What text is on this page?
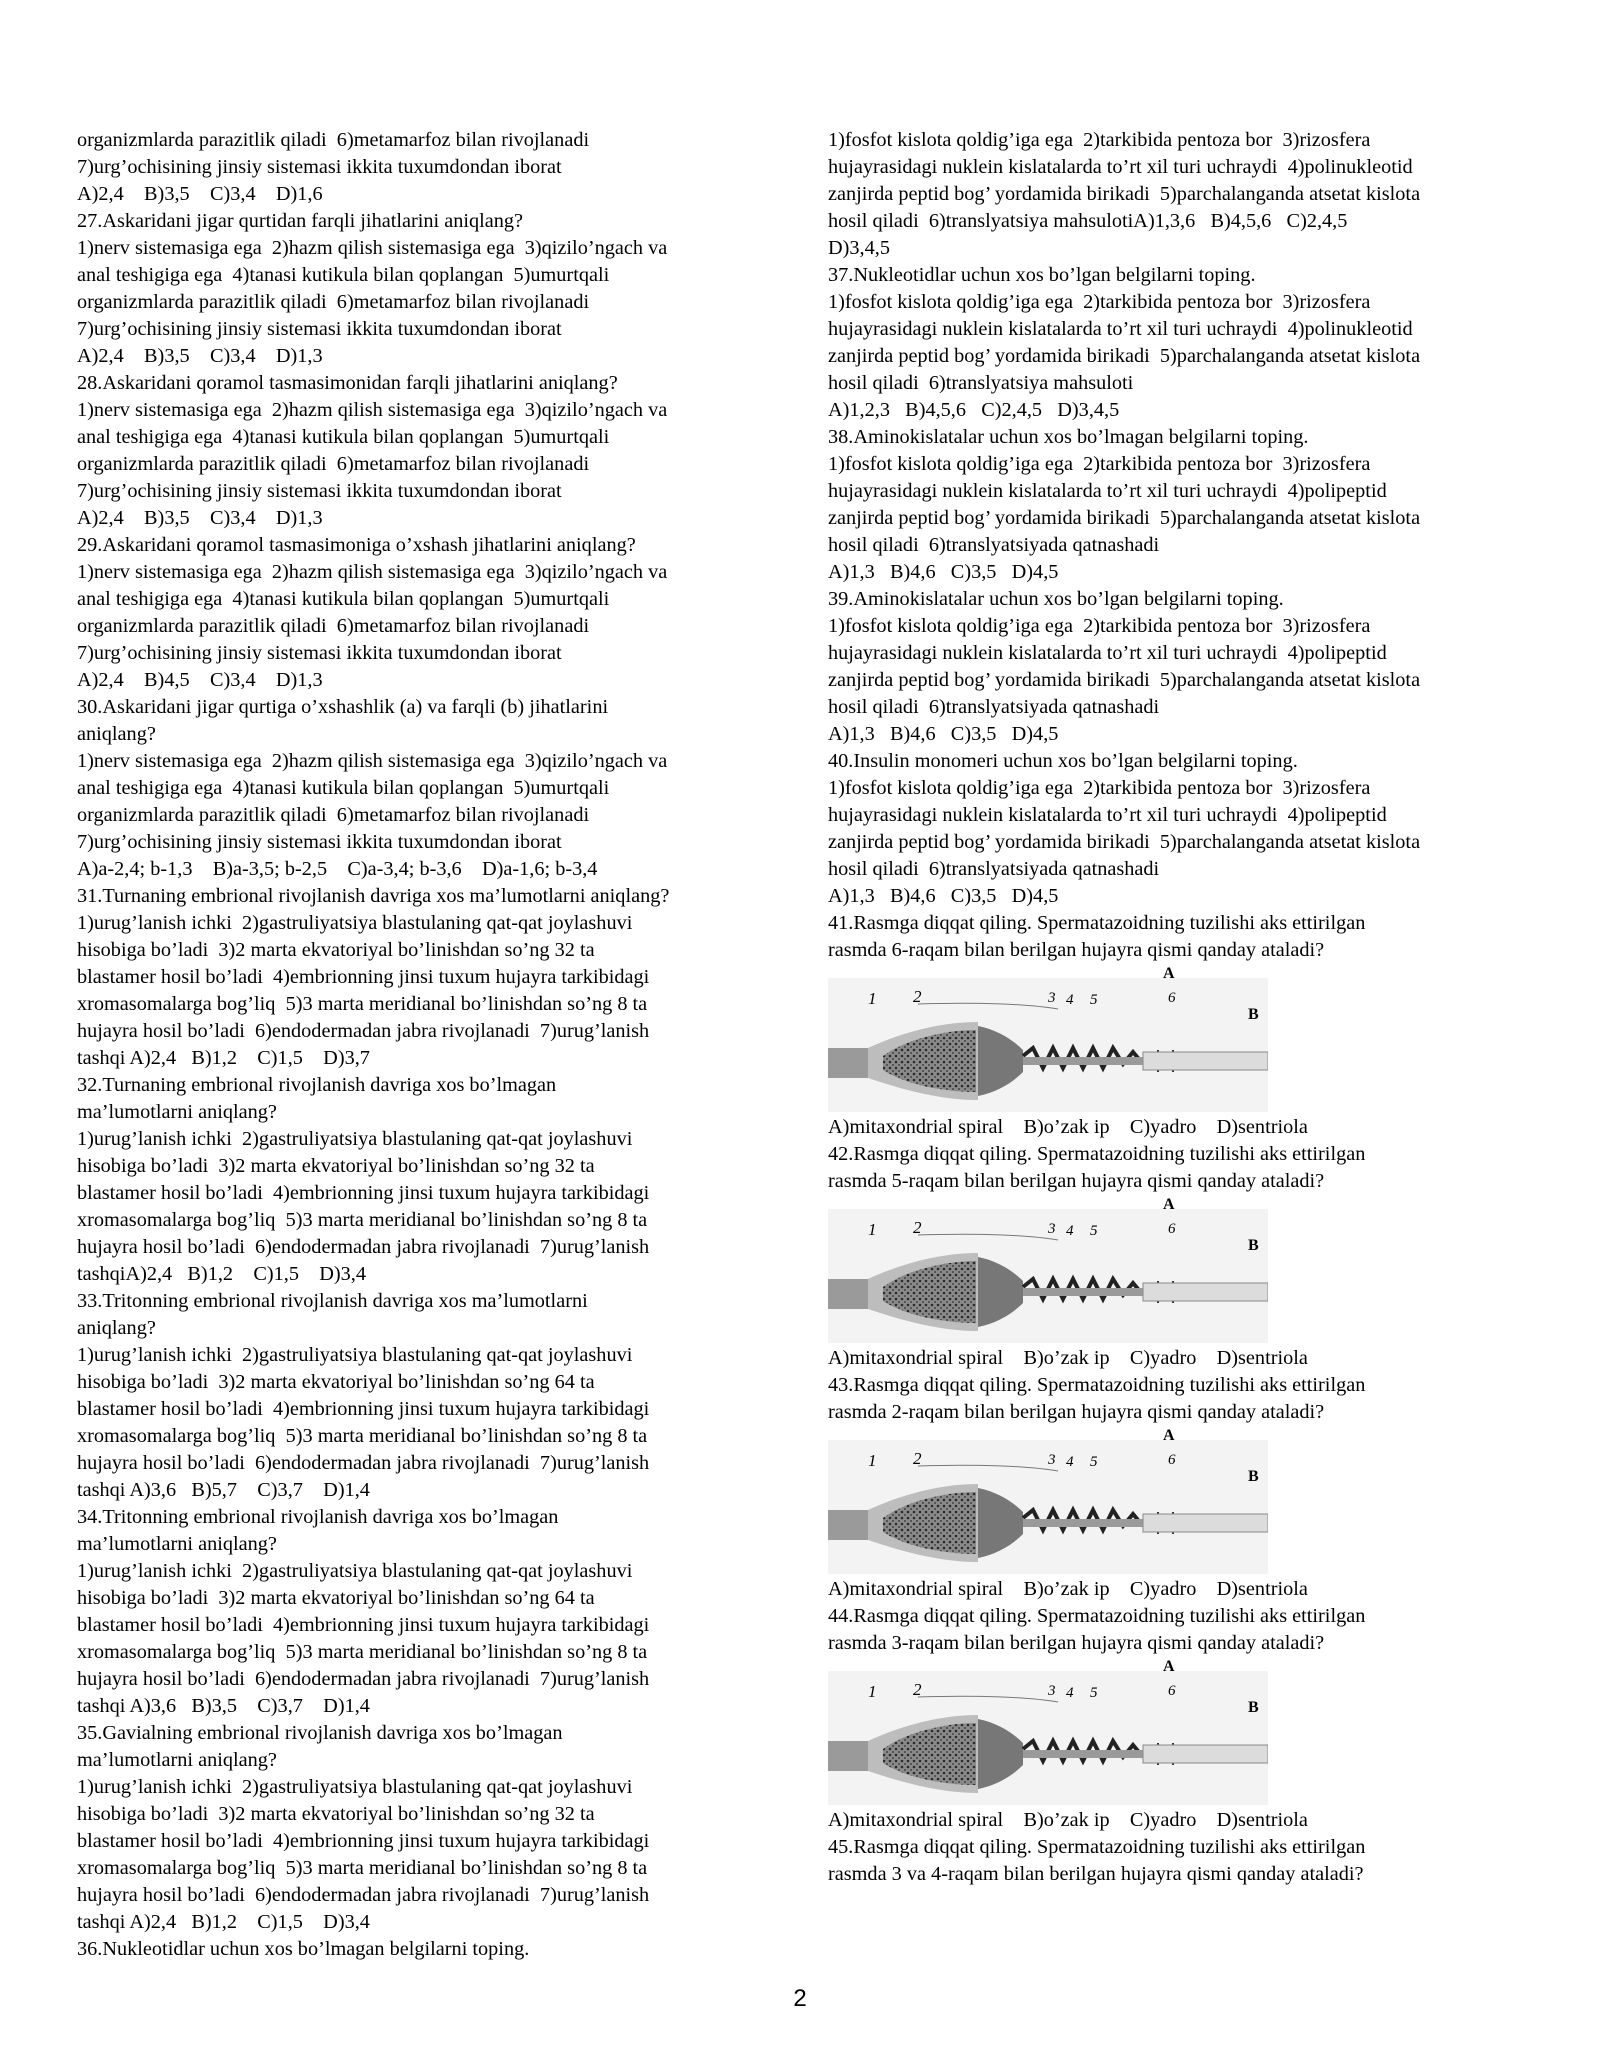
organizmlarda parazitlik qiladi  6)metamarfoz bilan rivojlanadi
7)urg’ochisining jinsiy sistemasi ikkita tuxumdondan iborat
A)2,4    B)3,5    C)3,4    D)1,6
27.Askaridani jigar qurtidan farqli jihatlarini aniqlang?
1)nerv sistemasiga ega  2)hazm qilish sistemasiga ega  3)qizilo’ngach va
anal teshigiga ega  4)tanasi kutikula bilan qoplangan  5)umurtqali
organizmlarda parazitlik qiladi  6)metamarfoz bilan rivojlanadi
7)urg’ochisining jinsiy sistemasi ikkita tuxumdondan iborat
A)2,4    B)3,5    C)3,4    D)1,3
28.Askaridani qoramol tasmasimonidan farqli jihatlarini aniqlang?
1)nerv sistemasiga ega  2)hazm qilish sistemasiga ega  3)qizilo’ngach va
anal teshigiga ega  4)tanasi kutikula bilan qoplangan  5)umurtqali
organizmlarda parazitlik qiladi  6)metamarfoz bilan rivojlanadi
7)urg’ochisining jinsiy sistemasi ikkita tuxumdondan iborat
A)2,4    B)3,5    C)3,4    D)1,3
29.Askaridani qoramol tasmasimoniga o’xshash jihatlarini aniqlang?
1)nerv sistemasiga ega  2)hazm qilish sistemasiga ega  3)qizilo’ngach va
anal teshigiga ega  4)tanasi kutikula bilan qoplangan  5)umurtqali
organizmlarda parazitlik qiladi  6)metamarfoz bilan rivojlanadi
7)urg’ochisining jinsiy sistemasi ikkita tuxumdondan iborat
A)2,4    B)4,5    C)3,4    D)1,3
30.Askaridani jigar qurtiga o’xshashlik (a) va farqli (b) jihatlarini
aniqlang?
1)nerv sistemasiga ega  2)hazm qilish sistemasiga ega  3)qizilo’ngach va
anal teshigiga ega  4)tanasi kutikula bilan qoplangan  5)umurtqali
organizmlarda parazitlik qiladi  6)metamarfoz bilan rivojlanadi
7)urg’ochisining jinsiy sistemasi ikkita tuxumdondan iborat
A)a-2,4; b-1,3    B)a-3,5; b-2,5    C)a-3,4; b-3,6    D)a-1,6; b-3,4
31.Turnaning embrional rivojlanish davriga xos ma’lumotlarni aniqlang?
1)urug’lanish ichki  2)gastruliyatsiya blastulaning qat-qat joylashuvi
hisobiga bo’ladi  3)2 marta ekvatoriyal bo’linishdan so’ng 32 ta
blastamer hosil bo’ladi  4)embrionning jinsi tuxum hujayra tarkibidagi
xromasomalarga bog’liq  5)3 marta meridianal bo’linishdan so’ng 8 ta
hujayra hosil bo’ladi  6)endodermadan jabra rivojlanadi  7)urug’lanish
tashqi A)2,4   B)1,2    C)1,5    D)3,7
32.Turnaning embrional rivojlanish davriga xos bo’lmagan
ma’lumotlarni aniqlang?
1)urug’lanish ichki  2)gastruliyatsiya blastulaning qat-qat joylashuvi
hisobiga bo’ladi  3)2 marta ekvatoriyal bo’linishdan so’ng 32 ta
blastamer hosil bo’ladi  4)embrionning jinsi tuxum hujayra tarkibidagi
xromasomalarga bog’liq  5)3 marta meridianal bo’linishdan so’ng 8 ta
hujayra hosil bo’ladi  6)endodermadan jabra rivojlanadi  7)urug’lanish
tashqiA)2,4   B)1,2    C)1,5    D)3,4
33.Tritonning embrional rivojlanish davriga xos ma’lumotlarni
aniqlang?
1)urug’lanish ichki  2)gastruliyatsiya blastulaning qat-qat joylashuvi
hisobiga bo’ladi  3)2 marta ekvatoriyal bo’linishdan so’ng 64 ta
blastamer hosil bo’ladi  4)embrionning jinsi tuxum hujayra tarkibidagi
xromasomalarga bog’liq  5)3 marta meridianal bo’linishdan so’ng 8 ta
hujayra hosil bo’ladi  6)endodermadan jabra rivojlanadi  7)urug’lanish
tashqi A)3,6   B)5,7    C)3,7    D)1,4
34.Tritonning embrional rivojlanish davriga xos bo’lmagan
ma’lumotlarni aniqlang?
1)urug’lanish ichki  2)gastruliyatsiya blastulaning qat-qat joylashuvi
hisobiga bo’ladi  3)2 marta ekvatoriyal bo’linishdan so’ng 64 ta
blastamer hosil bo’ladi  4)embrionning jinsi tuxum hujayra tarkibidagi
xromasomalarga bog’liq  5)3 marta meridianal bo’linishdan so’ng 8 ta
hujayra hosil bo’ladi  6)endodermadan jabra rivojlanadi  7)urug’lanish
tashqi A)3,6   B)3,5    C)3,7    D)1,4
35.Gavialning embrional rivojlanish davriga xos bo’lmagan
ma’lumotlarni aniqlang?
1)urug’lanish ichki  2)gastruliyatsiya blastulaning qat-qat joylashuvi
hisobiga bo’ladi  3)2 marta ekvatoriyal bo’linishdan so’ng 32 ta
blastamer hosil bo’ladi  4)embrionning jinsi tuxum hujayra tarkibidagi
xromasomalarga bog’liq  5)3 marta meridianal bo’linishdan so’ng 8 ta
hujayra hosil bo’ladi  6)endodermadan jabra rivojlanadi  7)urug’lanish
tashqi A)2,4   B)1,2    C)1,5    D)3,4
36.Nukleotidlar uchun xos bo’lmagan belgilarni toping.
1)fosfot kislota qoldig’iga ega  2)tarkibida pentoza bor  3)rizosfera
hujayrasidagi nuklein kislatalarda to’rt xil turi uchraydi  4)polinukleotid
zanjirda peptid bog’ yordamida birikadi  5)parchalanganda atsetat kislota
hosil qiladi  6)translyatsiya mahsulotiA)1,3,6   B)4,5,6   C)2,4,5
D)3,4,5
37.Nukleotidlar uchun xos bo’lgan belgilarni toping.
1)fosfot kislota qoldig’iga ega  2)tarkibida pentoza bor  3)rizosfera
hujayrasidagi nuklein kislatalarda to’rt xil turi uchraydi  4)polinukleotid
zanjirda peptid bog’ yordamida birikadi  5)parchalanganda atsetat kislota
hosil qiladi  6)translyatsiya mahsuloti
A)1,2,3   B)4,5,6   C)2,4,5   D)3,4,5
38.Aminokislatalar uchun xos bo’lmagan belgilarni toping.
1)fosfot kislota qoldig’iga ega  2)tarkibida pentoza bor  3)rizosfera
hujayrasidagi nuklein kislatalarda to’rt xil turi uchraydi  4)polipeptid
zanjirda peptid bog’ yordamida birikadi  5)parchalanganda atsetat kislota
hosil qiladi  6)translyatsiyada qatnashadi
A)1,3   B)4,6   C)3,5   D)4,5
39.Aminokislatalar uchun xos bo’lgan belgilarni toping.
1)fosfot kislota qoldig’iga ega  2)tarkibida pentoza bor  3)rizosfera
hujayrasidagi nuklein kislatalarda to’rt xil turi uchraydi  4)polipeptid
zanjirda peptid bog’ yordamida birikadi  5)parchalanganda atsetat kislota
hosil qiladi  6)translyatsiyada qatnashadi
A)1,3   B)4,6   C)3,5   D)4,5
40.Insulin monomeri uchun xos bo’lgan belgilarni toping.
1)fosfot kislota qoldig’iga ega  2)tarkibida pentoza bor  3)rizosfera
hujayrasidagi nuklein kislatalarda to’rt xil turi uchraydi  4)polipeptid
zanjirda peptid bog’ yordamida birikadi  5)parchalanganda atsetat kislota
hosil qiladi  6)translyatsiyada qatnashadi
A)1,3   B)4,6   C)3,5   D)4,5
41.Rasmga diqqat qiling. Spermatazoidning tuzilishi aks ettirilgan
rasmda 6-raqam bilan berilgan hujayra qismi qanday ataladi?
1 2	3 4 5	6
A
B
A)mitaxondrial spiral    B)o’zak ip    C)yadro    D)sentriola
42.Rasmga diqqat qiling. Spermatazoidning tuzilishi aks ettirilgan
rasmda 5-raqam bilan berilgan hujayra qismi qanday ataladi?
1 2	3 4 5	6
A
B
A)mitaxondrial spiral    B)o’zak ip    C)yadro    D)sentriola
43.Rasmga diqqat qiling. Spermatazoidning tuzilishi aks ettirilgan
rasmda 2-raqam bilan berilgan hujayra qismi qanday ataladi?
1 2	3 4 5	6
A
B
A)mitaxondrial spiral    B)o’zak ip    C)yadro    D)sentriola
44.Rasmga diqqat qiling. Spermatazoidning tuzilishi aks ettirilgan
rasmda 3-raqam bilan berilgan hujayra qismi qanday ataladi?
1 2	3 4 5	6
A
B
A)mitaxondrial spiral    B)o’zak ip    C)yadro    D)sentriola
45.Rasmga diqqat qiling. Spermatazoidning tuzilishi aks ettirilgan
rasmda 3 va 4-raqam bilan berilgan hujayra qismi qanday ataladi?
2
